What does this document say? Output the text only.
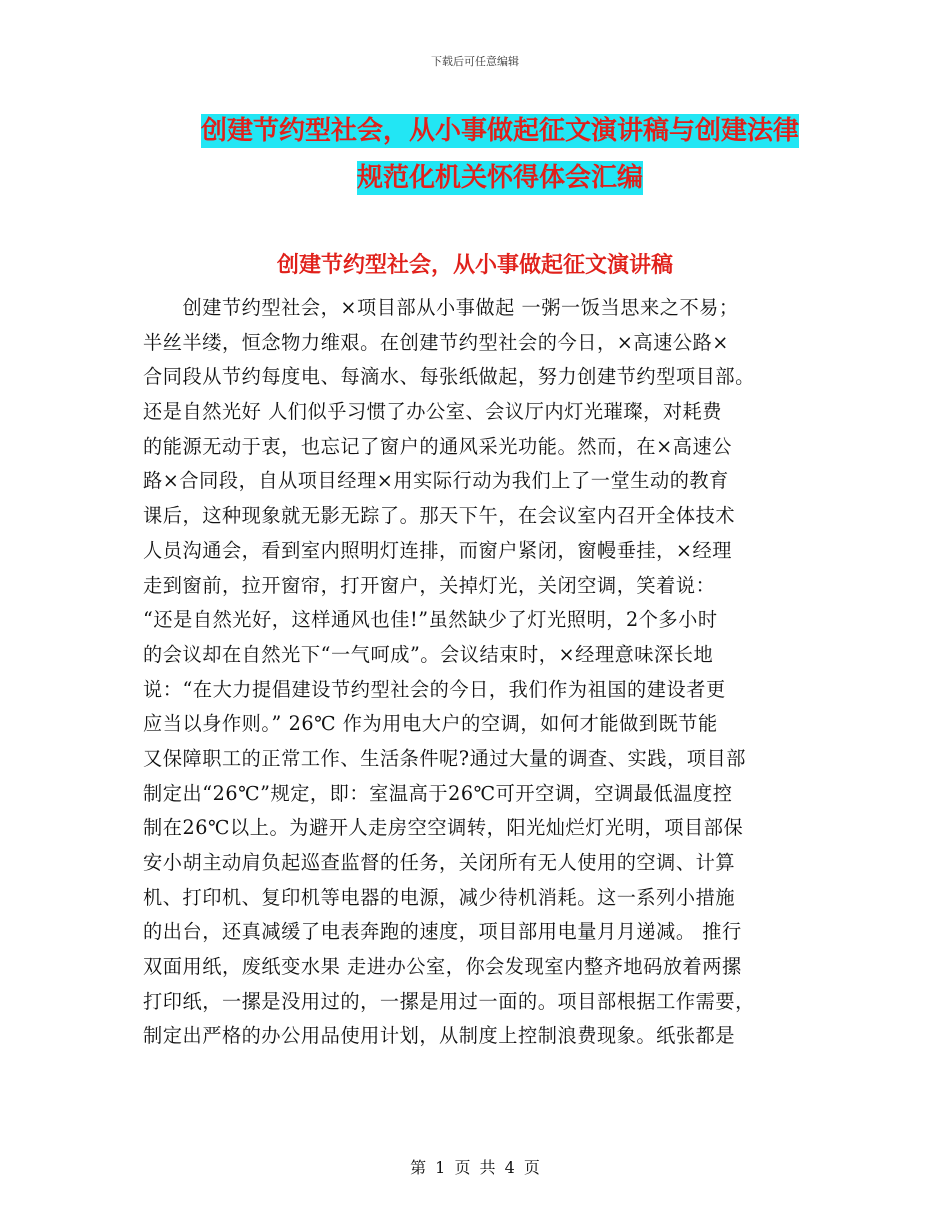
下载后可任意编辑
创建节约型社会，从小事做起征文演讲稿与创建法律
规范化机关怀得体会汇编
创建节约型社会，从小事做起征文演讲稿
　　创建节约型社会，×项目部从小事做起 一粥一饭当思来之不易；
半丝半缕，恒念物力维艰。在创建节约型社会的今日，×高速公路×
合同段从节约每度电、每滴水、每张纸做起，努力创建节约型项目部。
还是自然光好 人们似乎习惯了办公室、会议厅内灯光璀璨，对耗费
的能源无动于衷，也忘记了窗户的通风采光功能。然而，在×高速公
路×合同段，自从项目经理×用实际行动为我们上了一堂生动的教育
课后，这种现象就无影无踪了。那天下午，在会议室内召开全体技术
人员沟通会，看到室内照明灯连排，而窗户紧闭，窗幔垂挂，×经理
走到窗前，拉开窗帘，打开窗户，关掉灯光，关闭空调，笑着说：
“还是自然光好，这样通风也佳!”虽然缺少了灯光照明，2个多小时
的会议却在自然光下“一气呵成”。会议结束时，×经理意味深长地
说：“在大力提倡建设节约型社会的今日，我们作为祖国的建设者更
应当以身作则。” 26℃ 作为用电大户的空调，如何才能做到既节能
又保障职工的正常工作、生活条件呢?通过大量的调查、实践，项目部
制定出“26℃”规定，即：室温高于26℃可开空调，空调最低温度控
制在26℃以上。为避开人走房空空调转，阳光灿烂灯光明，项目部保
安小胡主动肩负起巡查监督的任务，关闭所有无人使用的空调、计算
机、打印机、复印机等电器的电源，减少待机消耗。这一系列小措施
的出台，还真减缓了电表奔跑的速度，项目部用电量月月递减。 推行
双面用纸，废纸变水果 走进办公室，你会发现室内整齐地码放着两摞
打印纸，一摞是没用过的，一摞是用过一面的。项目部根据工作需要，
制定出严格的办公用品使用计划，从制度上控制浪费现象。纸张都是
第 1 页 共 4 页
